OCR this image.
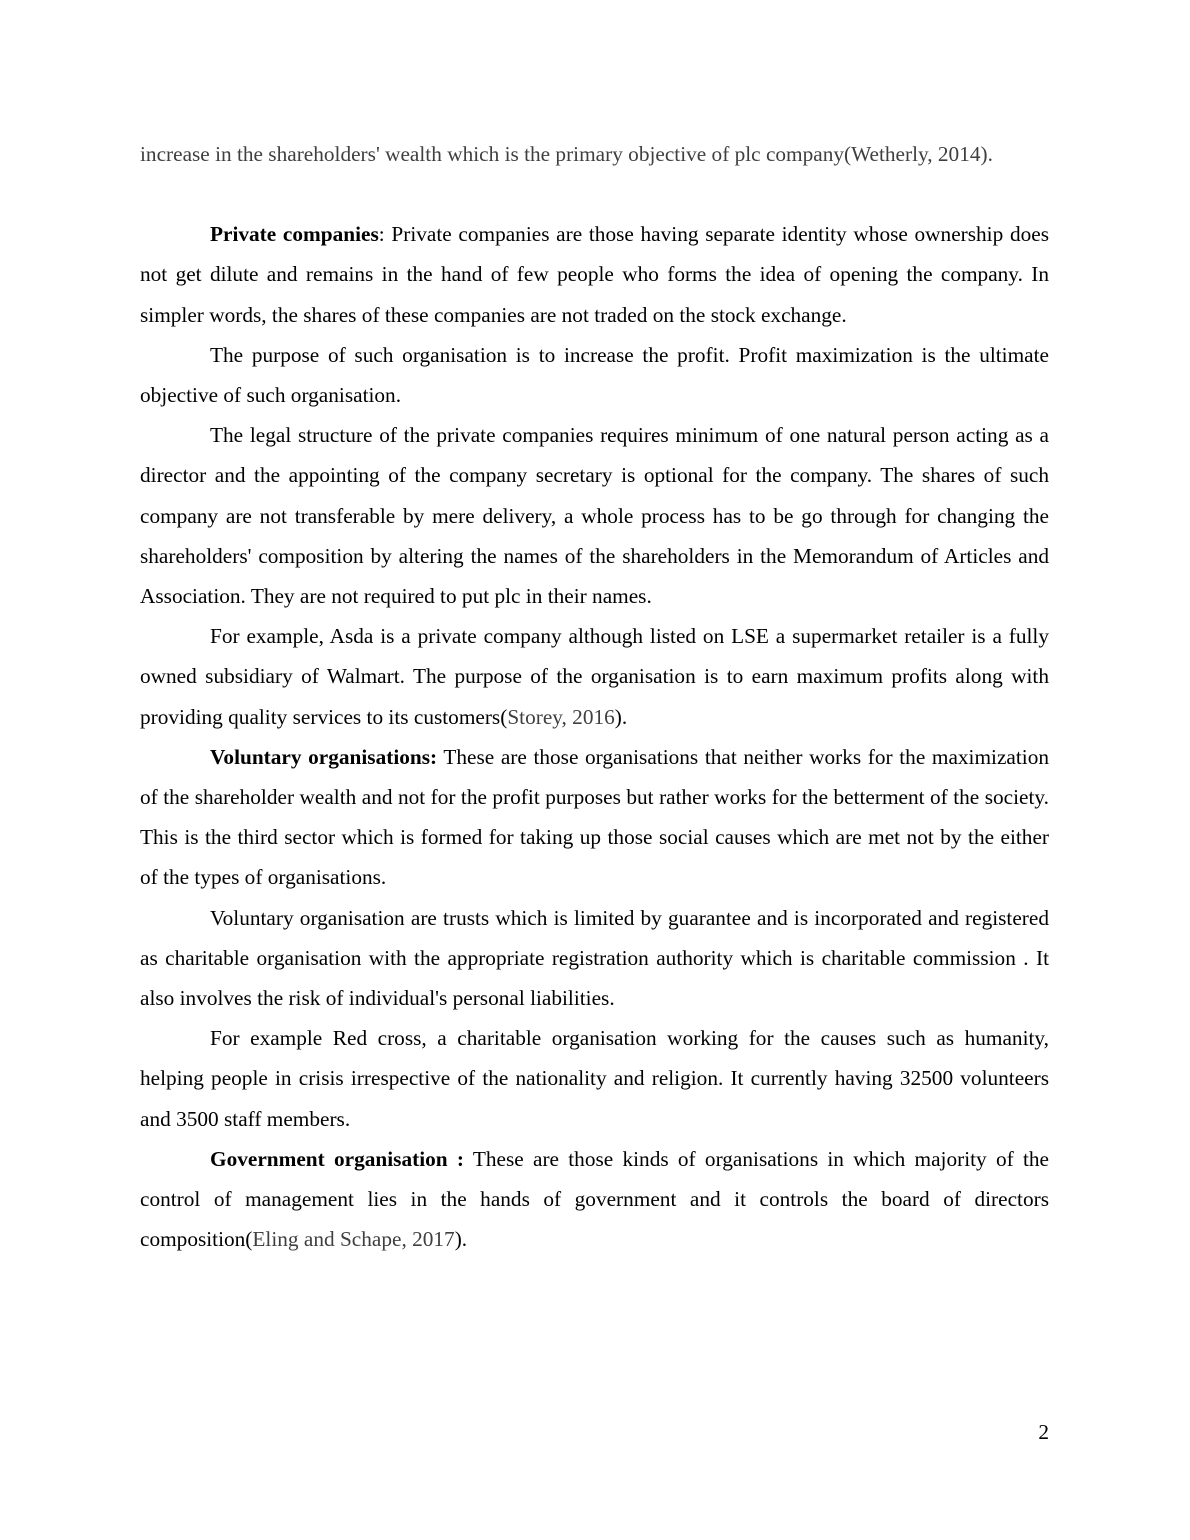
increase in the shareholders' wealth which is the primary objective of plc company(Wetherly, 2014).

Private companies: Private companies are those having separate identity whose ownership does not get dilute and remains in the hand of few people who forms the idea of opening the company. In simpler words, the shares of these companies are not traded on the stock exchange.

The purpose of such organisation is to increase the profit. Profit maximization is the ultimate objective of such organisation.

The legal structure of the private companies requires minimum of one natural person acting as a director and the appointing of the company secretary is optional for the company. The shares of such company are not transferable by mere delivery, a whole process has to be go through for changing the shareholders' composition by altering the names of the shareholders in the Memorandum of Articles and Association. They are not required to put plc in their names.

For example, Asda is a private company although listed on LSE a supermarket retailer is a fully owned subsidiary of Walmart. The purpose of the organisation is to earn maximum profits along with providing quality services to its customers(Storey, 2016).

Voluntary organisations: These are those organisations that neither works for the maximization of the shareholder wealth and not for the profit purposes but rather works for the betterment of the society. This is the third sector which is formed for taking up those social causes which are met not by the either of the types of organisations.

Voluntary organisation are trusts which is limited by guarantee and is incorporated and registered as charitable organisation with the appropriate registration authority which is charitable commission . It also involves the risk of individual's personal liabilities.

For example Red cross, a charitable organisation working for the causes such as humanity, helping people in crisis irrespective of the nationality and religion. It currently having 32500 volunteers and 3500 staff members.

Government organisation : These are those kinds of organisations in which majority of the control of management lies in the hands of government and it controls the board of directors composition(Eling and Schape, 2017).

2
